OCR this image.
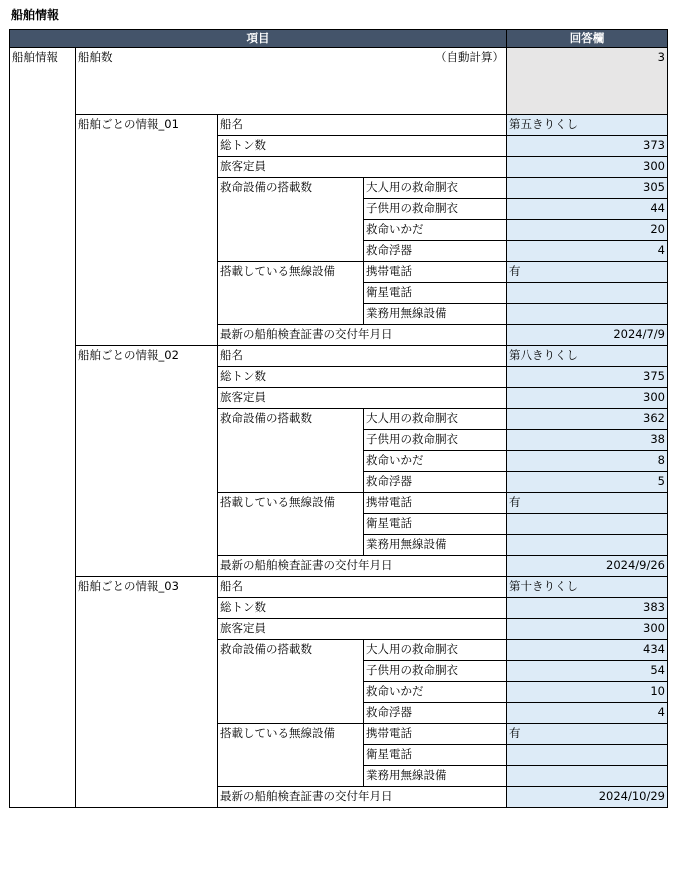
船舶情報
項目				回答欄
船舶情報	船舶数 （自動計算）			3
	船舶ごとの情報_01	船名		第五きりくし
		総トン数		373
		旅客定員		300
		救命設備の搭載数	大人用の救命胴衣	305
			子供用の救命胴衣	44
			救命いかだ	20
			救命浮器	4
		搭載している無線設備	携帯電話	有
			衛星電話	
			業務用無線設備	
		最新の船舶検査証書の交付年月日		2024/7/9
	船舶ごとの情報_02	船名		第八きりくし
		総トン数		375
		旅客定員		300
		救命設備の搭載数	大人用の救命胴衣	362
			子供用の救命胴衣	38
			救命いかだ	8
			救命浮器	5
		搭載している無線設備	携帯電話	有
			衛星電話	
			業務用無線設備	
		最新の船舶検査証書の交付年月日		2024/9/26
	船舶ごとの情報_03	船名		第十きりくし
		総トン数		383
		旅客定員		300
		救命設備の搭載数	大人用の救命胴衣	434
			子供用の救命胴衣	54
			救命いかだ	10
			救命浮器	4
		搭載している無線設備	携帯電話	有
			衛星電話	
			業務用無線設備	
		最新の船舶検査証書の交付年月日		2024/10/29
